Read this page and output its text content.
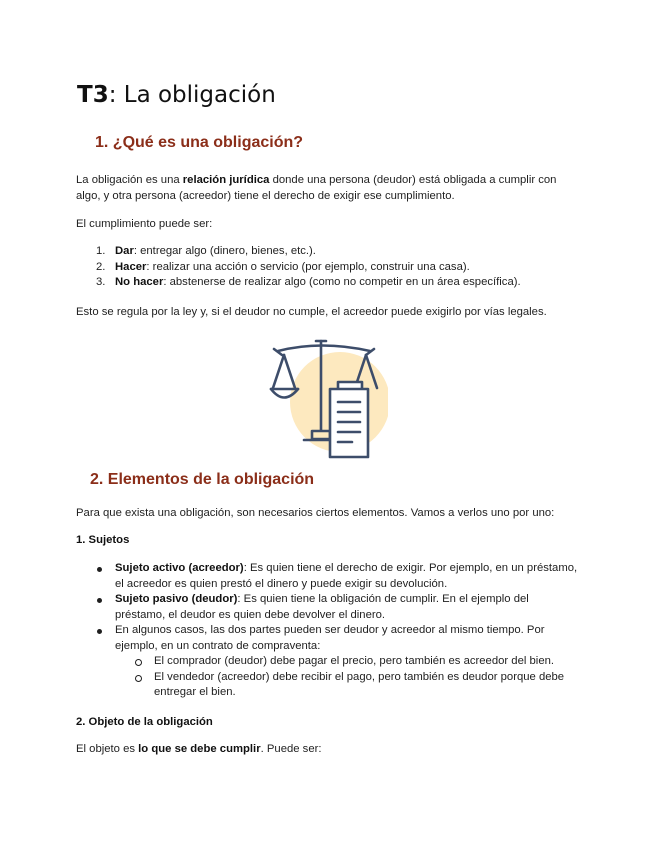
T3: La obligación
1. ¿Qué es una obligación?

La obligación es una relación jurídica donde una persona (deudor) está obligada a cumplir con algo, y otra persona (acreedor) tiene el derecho de exigir ese cumplimiento.

El cumplimiento puede ser:

1. Dar: entregar algo (dinero, bienes, etc.).
2. Hacer: realizar una acción o servicio (por ejemplo, construir una casa).
3. No hacer: abstenerse de realizar algo (como no competir en un área específica).

Esto se regula por la ley y, si el deudor no cumple, el acreedor puede exigirlo por vías legales.

2. Elementos de la obligación

Para que exista una obligación, son necesarios ciertos elementos. Vamos a verlos uno por uno:

1. Sujetos
Sujeto activo (acreedor): Es quien tiene el derecho de exigir. Por ejemplo, en un préstamo, el acreedor es quien prestó el dinero y puede exigir su devolución.
Sujeto pasivo (deudor): Es quien tiene la obligación de cumplir. En el ejemplo del préstamo, el deudor es quien debe devolver el dinero.
En algunos casos, las dos partes pueden ser deudor y acreedor al mismo tiempo. Por ejemplo, en un contrato de compraventa:
El comprador (deudor) debe pagar el precio, pero también es acreedor del bien.
El vendedor (acreedor) debe recibir el pago, pero también es deudor porque debe entregar el bien.
2. Objeto de la obligación

El objeto es lo que se debe cumplir. Puede ser:
